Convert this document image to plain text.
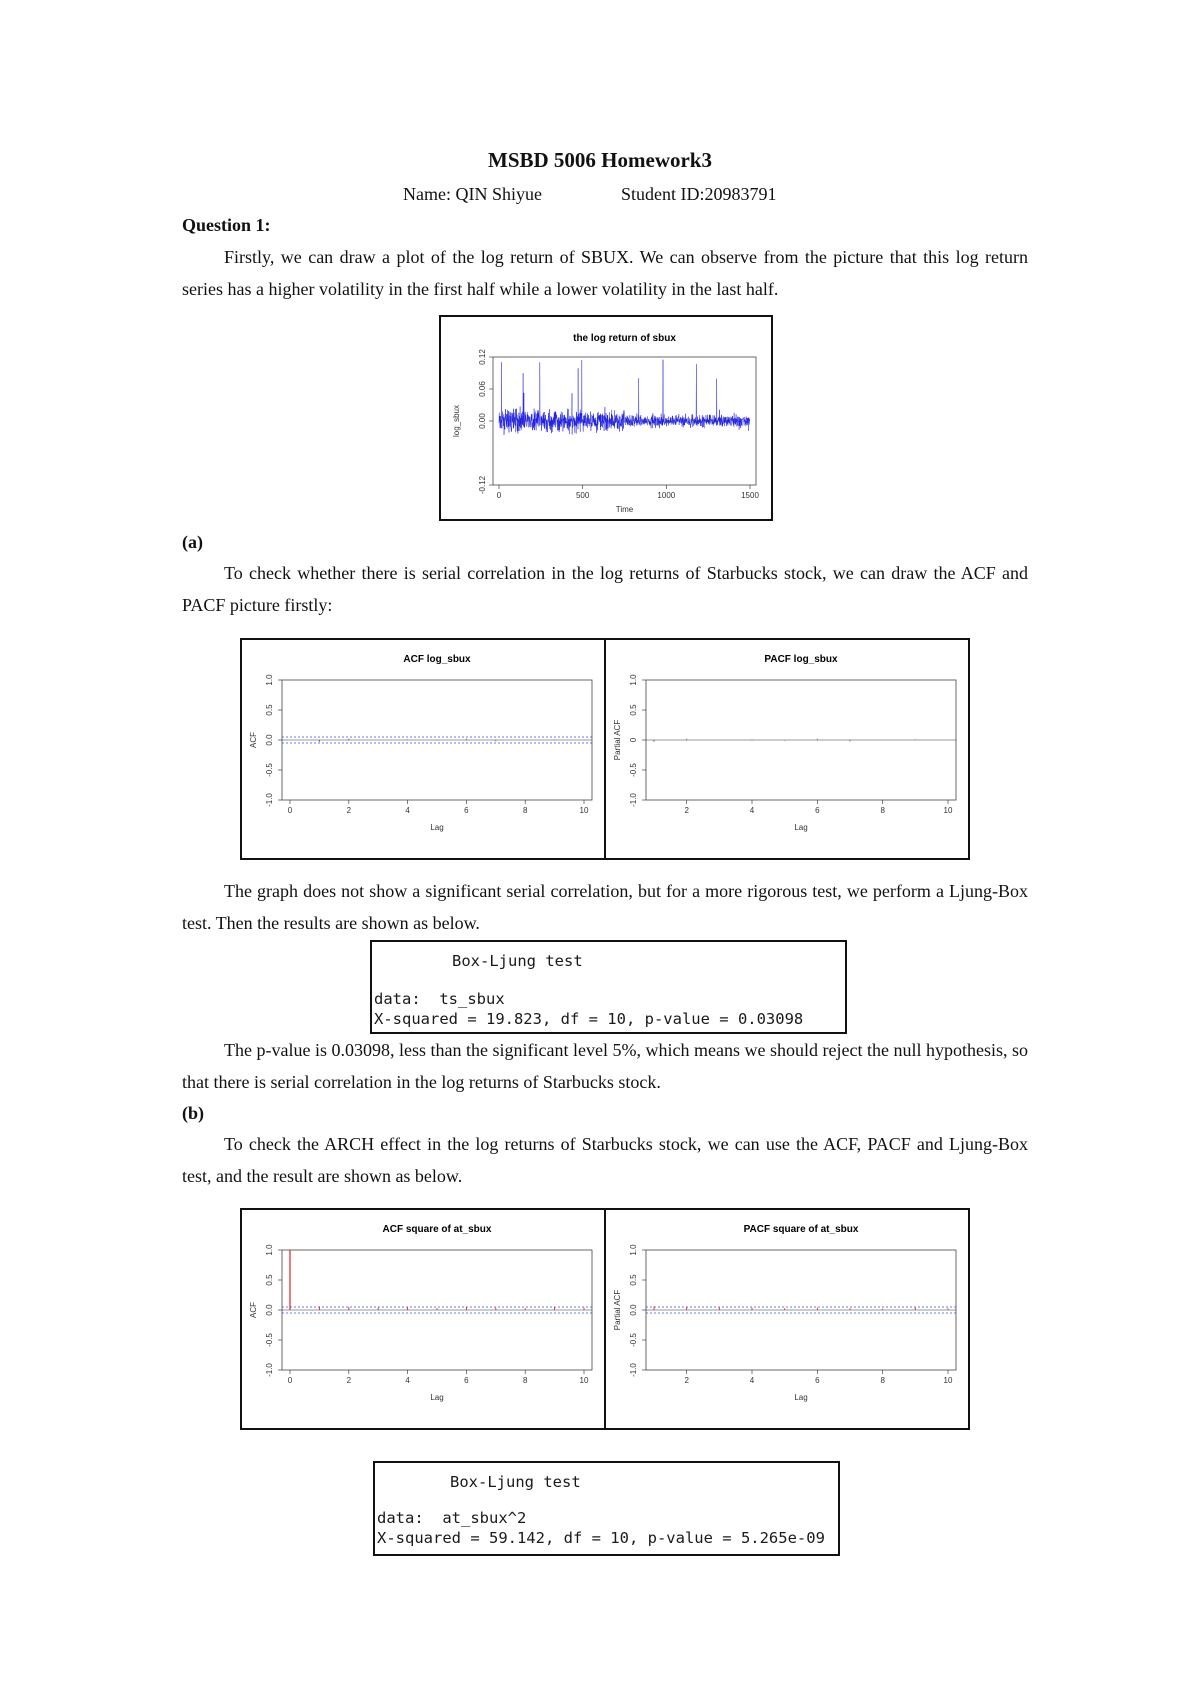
MSBD 5006 Homework3
Name: QIN Shiyue	Student ID:20983791
Question 1:

Firstly, we can draw a plot of the log return of SBUX. We can observe from the picture that this log return series has a higher volatility in the first half while a lower volatility in the last half.

the log return of sbux
-0.12
0.00
0.06
0.12
0	500	1000	1500
Time
log_sbux
(a)

To check whether there is serial correlation in the log returns of Starbucks stock, we can draw the ACF and PACF picture firstly:

ACF log_sbux
-1.0
-0.5
0.0
0.5
1.0
0	2	4	6	8	10
Lag
ACF
PACF log_sbux
-1.0
-0.5
0
0.5
1.0
2	4	6	8	10
Lag
Partial ACF

The graph does not show a significant serial correlation, but for a more rigorous test, we perform a Ljung-Box test. Then the results are shown as below.

Box-Ljung test
data:  ts_sbux
X-squared = 19.823, df = 10, p-value = 0.03098

The p-value is 0.03098, less than the significant level 5%, which means we should reject the null hypothesis, so that there is serial correlation in the log returns of Starbucks stock.

(b)

To check the ARCH effect in the log returns of Starbucks stock, we can use the ACF, PACF and Ljung-Box test, and the result are shown as below.

ACF square of at_sbux
-1.0
-0.5
0.0
0.5
1.0
0	2	4	6	8	10
Lag
ACF
PACF square of at_sbux
-1.0
-0.5
0.0
0.5
1.0
2	4	6	8	10
Lag
Partial ACF
Box-Ljung test
data:  at_sbux^2
X-squared = 59.142, df = 10, p-value = 5.265e-09
